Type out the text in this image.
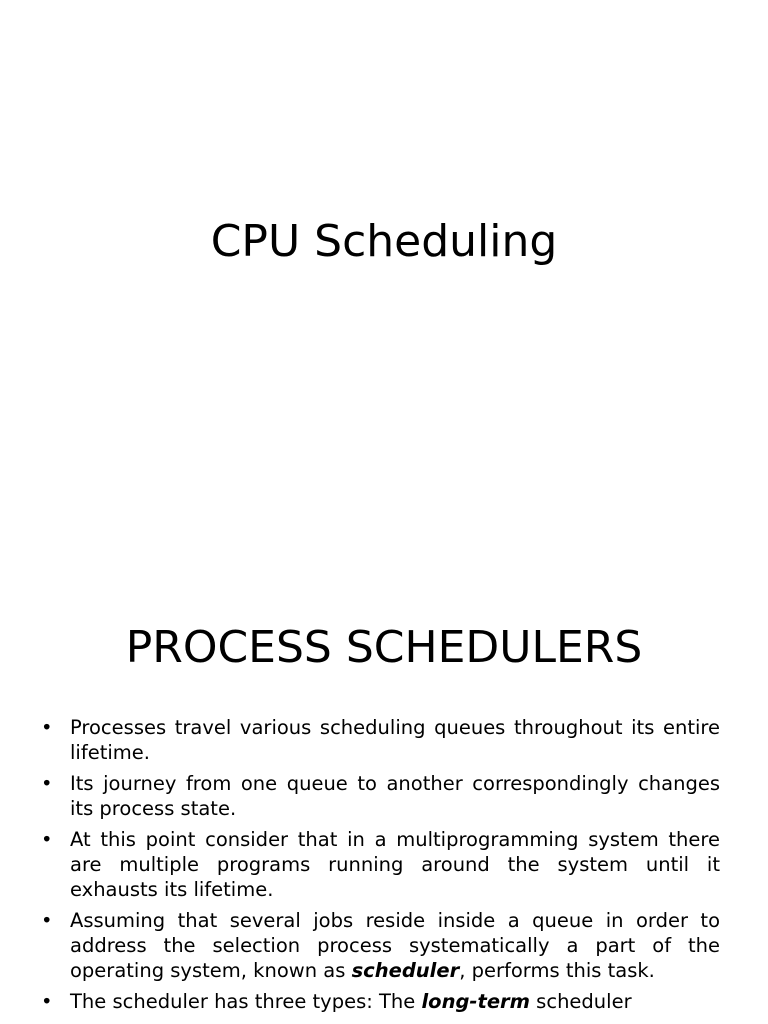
CPU Scheduling
PROCESS SCHEDULERS
• Processes travel various scheduling queues throughout its entire lifetime.
• Its journey from one queue to another correspondingly changes its process state.
• At this point consider that in a multiprogramming system there are multiple programs running around the system until it exhausts its lifetime.
• Assuming that several jobs reside inside a queue in order to address the selection process systematically a part of the operating system, known as scheduler, performs this task.
• The scheduler has three types: The long-term scheduler
